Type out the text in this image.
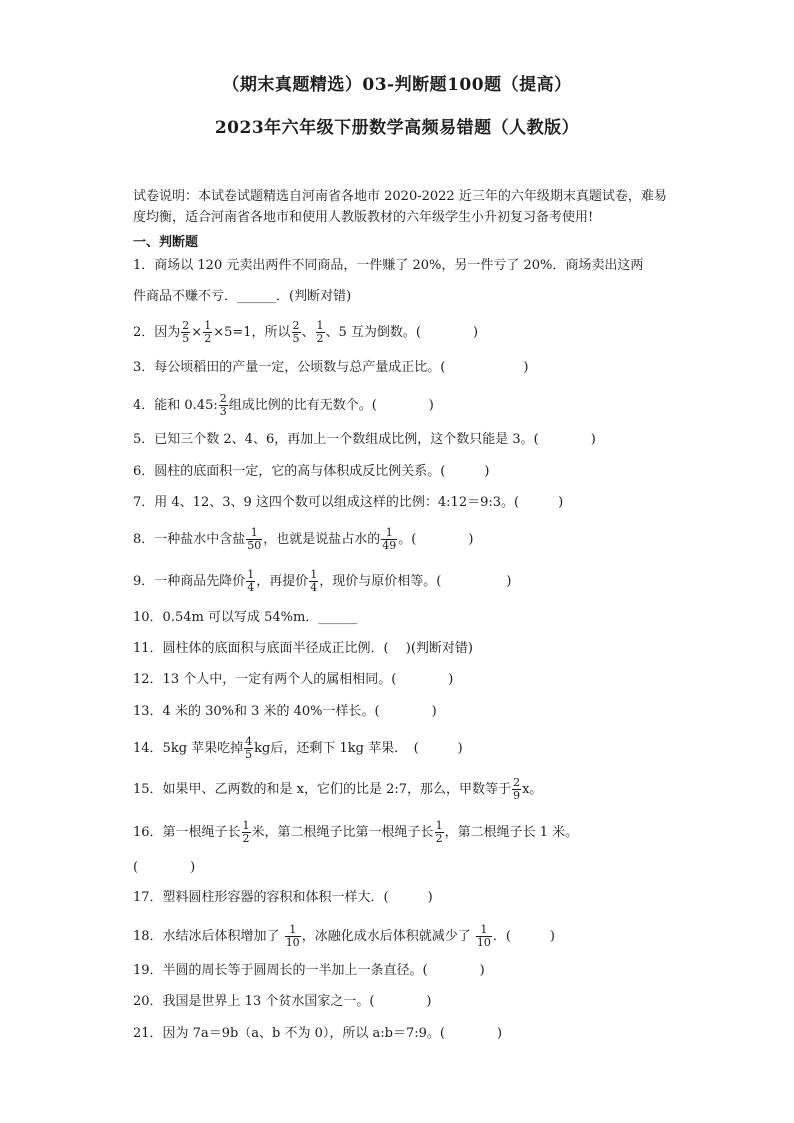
（期末真题精选）03-判断题100题（提高）
2023年六年级下册数学高频易错题（人教版）
试卷说明：本试卷试题精选自河南省各地市 2020-2022 近三年的六年级期末真题试卷，难易度均衡，适合河南省各地市和使用人教版教材的六年级学生小升初复习备考使用!
一、判断题
1．商场以 120 元卖出两件不同商品，一件赚了 20%，另一件亏了 20%．商场卖出这两
件商品不赚不亏．______．(判断对错)
2．因为 $\frac{2}{5} \times \frac{1}{2} \times 5=1$，所以 $\frac{2}{5}$ 、 $\frac{1}{2}$ 、5 互为倒数。(　　　　)
3．每公顷稻田的产量一定，公顷数与总产量成正比。(　　　　　　)
4．能和 0.45: $\frac{2}{3}$ 组成比例的比有无数个。(　　　　)
5．已知三个数 2、4、6，再加上一个数组成比例，这个数只能是 3。(　　　　)
6．圆柱的底面积一定，它的高与体积成反比例关系。(　　　)
7．用 4、12、3、9 这四个数可以组成这样的比例：4:12＝9:3。(　　　)
8．一种盐水中含盐 $\frac{1}{50}$ ，也就是说盐占水的 $\frac{1}{49}$ 。(　　　　)
9．一种商品先降价 $\frac{1}{4}$ ，再提价 $\frac{1}{4}$ ，现价与原价相等。(　　　　　)
10．0.54m 可以写成 54%m．______
11．圆柱体的底面积与底面半径成正比例．(　 )(判断对错)
12．13 个人中，一定有两个人的属相相同。(　　　　)
13．4 米的 30%和 3 米的 40%一样长。(　　　　)
14．5kg 苹果吃掉 $\frac{4}{5}$ kg后，还剩下 1kg 苹果．　(　　　)
15．如果甲、乙两数的和是 x，它们的比是 2:7，那么，甲数等于 $\frac{2}{9}$ x。
16．第一根绳子长 $\frac{1}{2}$ 米，第二根绳子比第一根绳子长 $\frac{1}{2}$ ，第二根绳子长 1 米。
(　　　　)
17．塑料圆柱形容器的容积和体积一样大．(　　　)
18．水结冰后体积增加了 $\frac{1}{10}$ ，冰融化成水后体积就减少了 $\frac{1}{10}$ ．(　　　)
19．半圆的周长等于圆周长的一半加上一条直径。(　　　　)
20．我国是世界上 13 个贫水国家之一。(　　　　)
21．因为 7a＝9b（a、b 不为 0），所以 a:b＝7:9。(　　　　)
